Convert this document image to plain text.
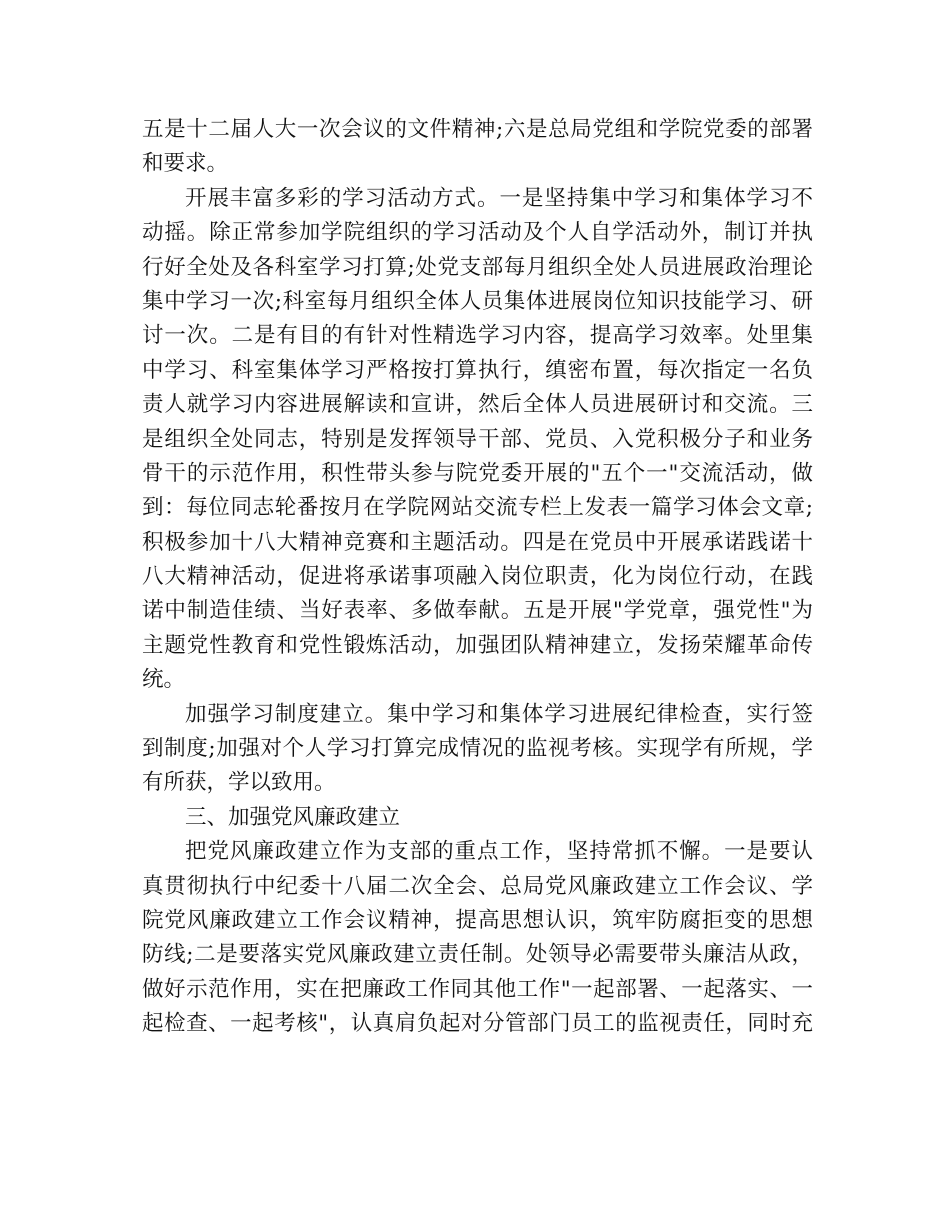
五是十二届人大一次会议的文件精神;六是总局党组和学院党委的部署
和要求。
开展丰富多彩的学习活动方式。一是坚持集中学习和集体学习不
动摇。除正常参加学院组织的学习活动及个人自学活动外，制订并执
行好全处及各科室学习打算;处党支部每月组织全处人员进展政治理论
集中学习一次;科室每月组织全体人员集体进展岗位知识技能学习、研
讨一次。二是有目的有针对性精选学习内容，提高学习效率。处里集
中学习、科室集体学习严格按打算执行，缜密布置，每次指定一名负
责人就学习内容进展解读和宣讲，然后全体人员进展研讨和交流。三
是组织全处同志，特别是发挥领导干部、党员、入党积极分子和业务
骨干的示范作用，积性带头参与院党委开展的"五个一"交流活动，做
到：每位同志轮番按月在学院网站交流专栏上发表一篇学习体会文章;
积极参加十八大精神竞赛和主题活动。四是在党员中开展承诺践诺十
八大精神活动，促进将承诺事项融入岗位职责，化为岗位行动，在践
诺中制造佳绩、当好表率、多做奉献。五是开展"学党章，强党性"为
主题党性教育和党性锻炼活动，加强团队精神建立，发扬荣耀革命传
统。
加强学习制度建立。集中学习和集体学习进展纪律检查，实行签
到制度;加强对个人学习打算完成情况的监视考核。实现学有所规，学
有所获，学以致用。
三、加强党风廉政建立
把党风廉政建立作为支部的重点工作，坚持常抓不懈。一是要认
真贯彻执行中纪委十八届二次全会、总局党风廉政建立工作会议、学
院党风廉政建立工作会议精神，提高思想认识，筑牢防腐拒变的思想
防线;二是要落实党风廉政建立责任制。处领导必需要带头廉洁从政，
做好示范作用，实在把廉政工作同其他工作"一起部署、一起落实、一
起检查、一起考核"，认真肩负起对分管部门员工的监视责任，同时充
